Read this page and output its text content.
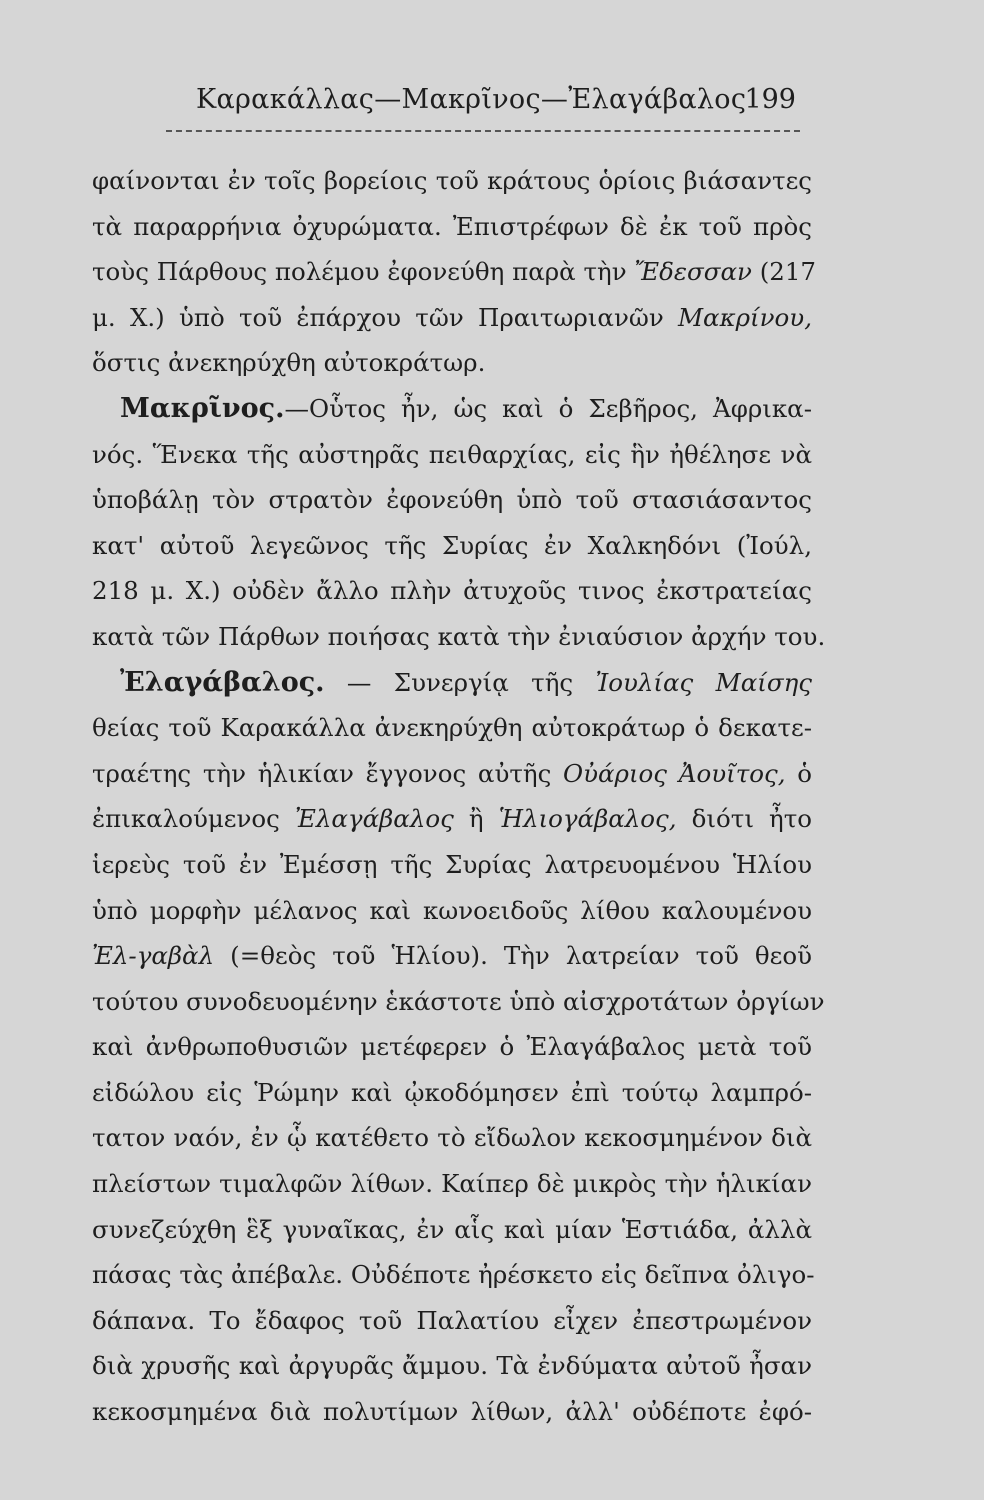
Καρακάλλας—Μακρῖνος—Ἐλαγάβαλος
199
φαίνονται ἐν τοῖς βορείοις τοῦ κράτους ὁρίοις βιάσαντες
τὰ παραρρήνια ὀχυρώματα. Ἐπιστρέφων δὲ ἐκ τοῦ πρὸς
τοὺς Πάρθους πολέμου ἐφονεύθη παρὰ τὴν Ἔδεσσαν (217
μ. Χ.) ὑπὸ τοῦ ἐπάρχου τῶν Πραιτωριανῶν Μακρίνου,
ὅστις ἀνεκηρύχθη αὐτοκράτωρ.
Μακρῖνος.—Οὗτος ἦν, ὡς καὶ ὁ Σεβῆρος, Ἀφρικα-
νός. Ἕνεκα τῆς αὐστηρᾶς πειθαρχίας, εἰς ἣν ἠθέλησε νὰ
ὑποβάλῃ τὸν στρατὸν ἐφονεύθη ὑπὸ τοῦ στασιάσαντος
κατ' αὐτοῦ λεγεῶνος τῆς Συρίας ἐν Χαλκηδόνι (Ἰούλ,
218 μ. Χ.) οὐδὲν ἄλλο πλὴν ἀτυχοῦς τινος ἐκστρατείας
κατὰ τῶν Πάρθων ποιήσας κατὰ τὴν ἐνιαύσιον ἀρχήν του.
Ἐλαγάβαλος. — Συνεργίᾳ τῆς Ἰουλίας Μαίσης
θείας τοῦ Καρακάλλα ἀνεκηρύχθη αὐτοκράτωρ ὁ δεκατε-
τραέτης τὴν ἡλικίαν ἔγγονος αὐτῆς Οὐάριος Ἀουῖτος, ὁ
ἐπικαλούμενος Ἐλαγάβαλος ἢ Ἡλιογάβαλος, διότι ἦτο
ἱερεὺς τοῦ ἐν Ἐμέσσῃ τῆς Συρίας λατρευομένου Ἡλίου
ὑπὸ μορφὴν μέλανος καὶ κωνοειδοῦς λίθου καλουμένου
Ἐλ-γαβὰλ (=θεὸς τοῦ Ἡλίου). Τὴν λατρείαν τοῦ θεοῦ
τούτου συνοδευομένην ἑκάστοτε ὑπὸ αἰσχροτάτων ὀργίων
καὶ ἀνθρωποθυσιῶν μετέφερεν ὁ Ἐλαγάβαλος μετὰ τοῦ
εἰδώλου εἰς Ῥώμην καὶ ᾠκοδόμησεν ἐπὶ τούτῳ λαμπρό-
τατον ναόν, ἐν ᾧ κατέθετο τὸ εἴδωλον κεκοσμημένον διὰ
πλείστων τιμαλφῶν λίθων. Καίπερ δὲ μικρὸς τὴν ἡλικίαν
συνεζεύχθη ἓξ γυναῖκας, ἐν αἷς καὶ μίαν Ἑστιάδα, ἀλλὰ
πάσας τὰς ἀπέβαλε. Οὐδέποτε ἠρέσκετο εἰς δεῖπνα ὀλιγο-
δάπανα. Το ἔδαφος τοῦ Παλατίου εἶχεν ἐπεστρωμένον
διὰ χρυσῆς καὶ ἀργυρᾶς ἄμμου. Τὰ ἐνδύματα αὐτοῦ ἦσαν
κεκοσμημένα διὰ πολυτίμων λίθων, ἀλλ' οὐδέποτε ἐφό-
